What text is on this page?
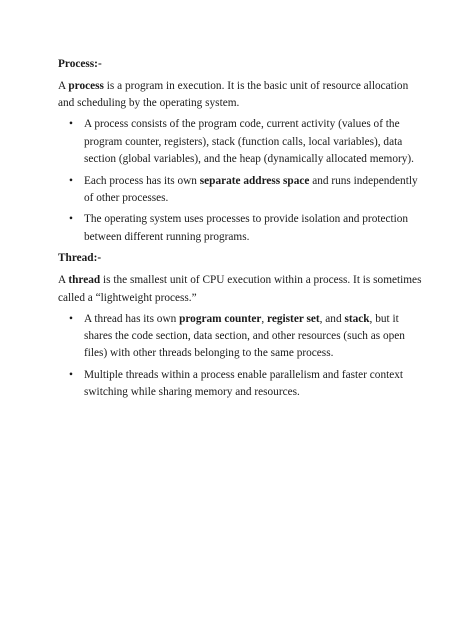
Process:-

A process is a program in execution. It is the basic unit of resource allocation and scheduling by the operating system.

• A process consists of the program code, current activity (values of the program counter, registers), stack (function calls, local variables), data section (global variables), and the heap (dynamically allocated memory).
• Each process has its own separate address space and runs independently of other processes.
• The operating system uses processes to provide isolation and protection between different running programs.

Thread:-

A thread is the smallest unit of CPU execution within a process. It is sometimes called a “lightweight process.”

• A thread has its own program counter, register set, and stack, but it shares the code section, data section, and other resources (such as open files) with other threads belonging to the same process.
• Multiple threads within a process enable parallelism and faster context switching while sharing memory and resources.
